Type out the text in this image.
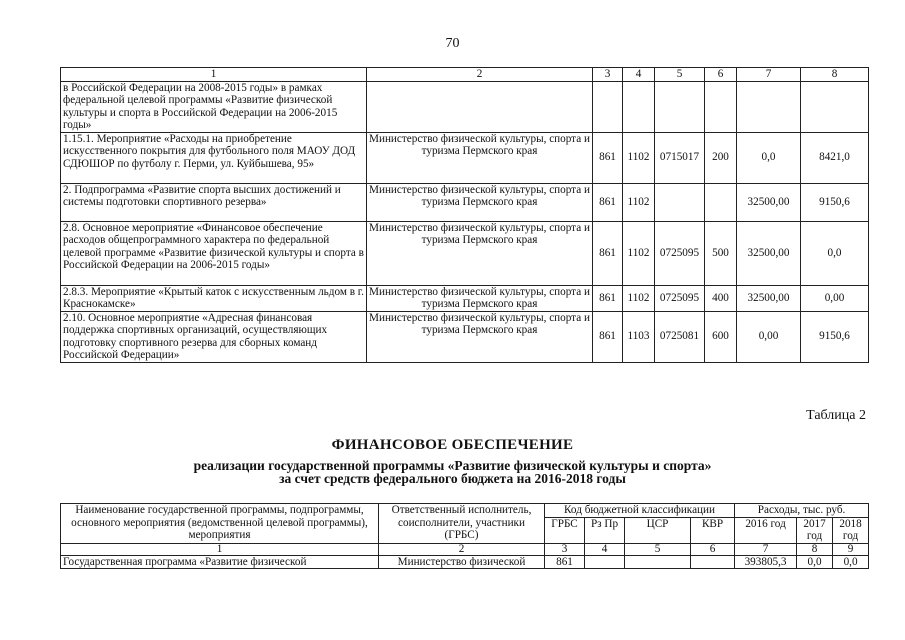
70
1	2	3	4	5	6	7	8
в Российской Федерации на 2008-2015 годы» в рамках федеральной целевой программы «Развитие физической культуры и спорта в Российской Федерации на 2006-2015 годы»							
1.15.1. Мероприятие «Расходы на приобретение искусственного покрытия для футбольного поля МАОУ ДОД СДЮШОР по футболу г. Перми, ул. Куйбышева, 95»	Министерство физической культуры, спорта и туризма Пермского края	861	1102	0715017	200	0,0	8421,0
2. Подпрограмма «Развитие спорта высших достижений и системы подготовки спортивного резерва»	Министерство физической культуры, спорта и туризма Пермского края	861	1102			32500,00	9150,6
2.8. Основное мероприятие «Финансовое обеспечение расходов общепрограммного характера по федеральной целевой программе «Развитие физической культуры и спорта в Российской Федерации на 2006-2015 годы»	Министерство физической культуры, спорта и туризма Пермского края	861	1102	0725095	500	32500,00	0,0
2.8.3. Мероприятие «Крытый каток с искусственным льдом в г. Краснокамске»	Министерство физической культуры, спорта и туризма Пермского края	861	1102	0725095	400	32500,00	0,00
2.10. Основное мероприятие «Адресная финансовая поддержка спортивных организаций, осуществляющих подготовку спортивного резерва для сборных команд Российской Федерации»	Министерство физической культуры, спорта и туризма Пермского края	861	1103	0725081	600	0,00	9150,6
Таблица 2
ФИНАНСОВОЕ ОБЕСПЕЧЕНИЕ
реализации государственной программы «Развитие физической культуры и спорта»
за счет средств федерального бюджета на 2016-2018 годы
Наименование государственной программы, подпрограммы, основного мероприятия (ведомственной целевой программы), мероприятия	Ответственный исполнитель, соисполнители, участники (ГРБС)	Код бюджетной классификации				Расходы, тыс. руб.		
		ГРБС	Рз Пр	ЦСР	КВР	2016 год	2017 год	2018 год
1	2	3	4	5	6	7	8	9
Государственная программа «Развитие физической	Министерство физической	861				393805,3	0,0	0,0
